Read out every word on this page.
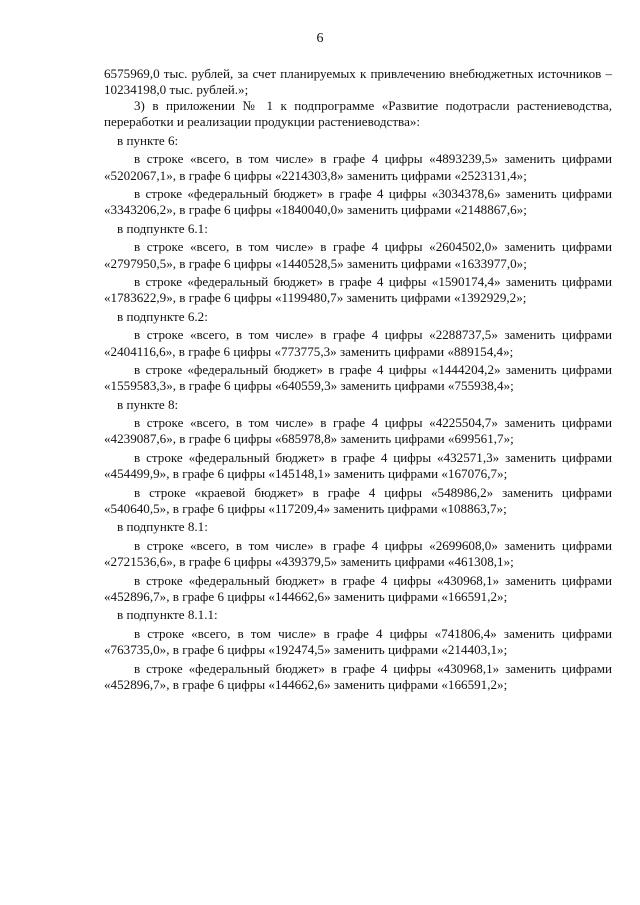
6

6575969,0 тыс. рублей, за счет планируемых к привлечению внебюджетных источников – 10234198,0 тыс. рублей.»;

3) в приложении № 1 к подпрограмме «Развитие подотрасли растениеводства, переработки и реализации продукции растениеводства»:

в пункте 6:

в строке «всего, в том числе» в графе 4 цифры «4893239,5» заменить цифрами «5202067,1», в графе 6 цифры «2214303,8» заменить цифрами «2523131,4»;

в строке «федеральный бюджет» в графе 4 цифры «3034378,6» заменить цифрами «3343206,2», в графе 6 цифры «1840040,0» заменить цифрами «2148867,6»;

в подпункте 6.1:

в строке «всего, в том числе» в графе 4 цифры «2604502,0» заменить цифрами «2797950,5», в графе 6 цифры «1440528,5» заменить цифрами «1633977,0»;

в строке «федеральный бюджет» в графе 4 цифры «1590174,4» заменить цифрами «1783622,9», в графе 6 цифры «1199480,7» заменить цифрами «1392929,2»;

в подпункте 6.2:

в строке «всего, в том числе» в графе 4 цифры «2288737,5» заменить цифрами «2404116,6», в графе 6 цифры «773775,3» заменить цифрами «889154,4»;

в строке «федеральный бюджет» в графе 4 цифры «1444204,2» заменить цифрами «1559583,3», в графе 6 цифры «640559,3» заменить цифрами «755938,4»;

в пункте 8:

в строке «всего, в том числе» в графе 4 цифры «4225504,7» заменить цифрами «4239087,6», в графе 6 цифры «685978,8» заменить цифрами «699561,7»;

в строке «федеральный бюджет» в графе 4 цифры «432571,3» заменить цифрами «454499,9», в графе 6 цифры «145148,1» заменить цифрами «167076,7»;

в строке «краевой бюджет» в графе 4 цифры «548986,2» заменить цифрами «540640,5», в графе 6 цифры «117209,4» заменить цифрами «108863,7»;

в подпункте 8.1:

в строке «всего, в том числе» в графе 4 цифры «2699608,0» заменить цифрами «2721536,6», в графе 6 цифры «439379,5» заменить цифрами «461308,1»;

в строке «федеральный бюджет» в графе 4 цифры «430968,1» заменить цифрами «452896,7», в графе 6 цифры «144662,6» заменить цифрами «166591,2»;

в подпункте 8.1.1:

в строке «всего, в том числе» в графе 4 цифры «741806,4» заменить цифрами «763735,0», в графе 6 цифры «192474,5» заменить цифрами «214403,1»;

в строке «федеральный бюджет» в графе 4 цифры «430968,1» заменить цифрами «452896,7», в графе 6 цифры «144662,6» заменить цифрами «166591,2»;
